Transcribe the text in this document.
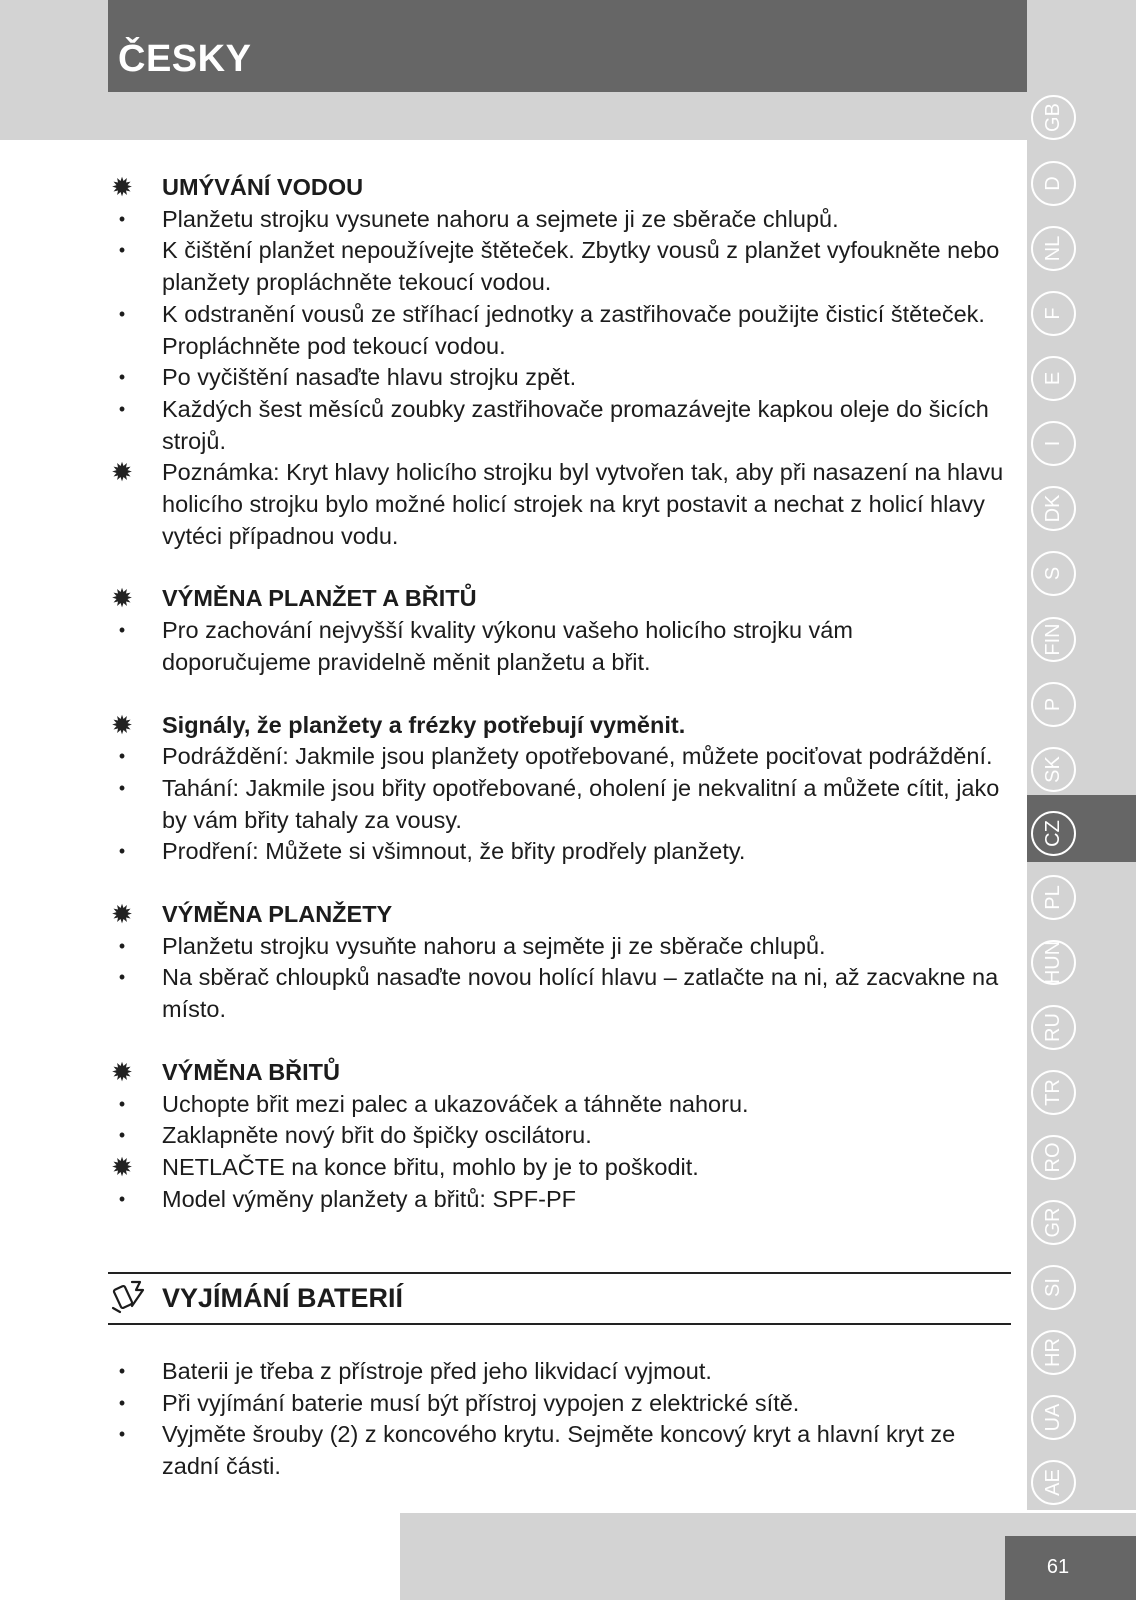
ČESKY
GB
D
NL
F
E
I
DK
S
FIN
P
SK
CZ
PL
HUN
RU
TR
RO
GR
SI
HR
UA
AE
✹ UMÝVÁNÍ VODOU
•	Planžetu strojku vysunete nahoru a sejmete ji ze sběrače chlupů.
•	K čištění planžet nepoužívejte štěteček. Zbytky vousů z planžet vyfoukněte nebo planžety propláchněte tekoucí vodou.
•	K odstranění vousů ze stříhací jednotky a zastřihovače použijte čisticí štěteček. Propláchněte pod tekoucí vodou.
•	Po vyčištění nasaďte hlavu strojku zpět.
•	Každých šest měsíců zoubky zastřihovače promazávejte kapkou oleje do šicích strojů.
✹ Poznámka: Kryt hlavy holicího strojku byl vytvořen tak, aby při nasazení na hlavu holicího strojku bylo možné holicí strojek na kryt postavit a nechat z holicí hlavy vytéci případnou vodu.
✹ VÝMĚNA PLANŽET A BŘITŮ
•	Pro zachování nejvyšší kvality výkonu vašeho holicího strojku vám doporučujeme pravidelně měnit planžetu a břit.
✹ Signály, že planžety a frézky potřebují vyměnit.
•	Podráždění: Jakmile jsou planžety opotřebované, můžete pociťovat podráždění.
•	Tahání: Jakmile jsou břity opotřebované, oholení je nekvalitní a můžete cítit, jako by vám břity tahaly za vousy.
•	Prodření: Můžete si všimnout, že břity prodřely planžety.
✹ VÝMĚNA PLANŽETY
•	Planžetu strojku vysuňte nahoru a sejměte ji ze sběrače chlupů.
•	Na sběrač chloupků nasaďte novou holící hlavu – zatlačte na ni, až zacvakne na místo.
✹ VÝMĚNA BŘITŮ
•	Uchopte břit mezi palec a ukazováček a táhněte nahoru.
•	Zaklapněte nový břit do špičky oscilátoru.
✹ NETLAČTE na konce břitu, mohlo by je to poškodit.
•	Model výměny planžety a břitů: SPF-PF
VYJÍMÁNÍ BATERIÍ
•	Baterii je třeba z přístroje před jeho likvidací vyjmout.
•	Při vyjímání baterie musí být přístroj vypojen z elektrické sítě.
•	Vyjměte šrouby (2) z koncového krytu. Sejměte koncový kryt a hlavní kryt ze zadní části.
61
